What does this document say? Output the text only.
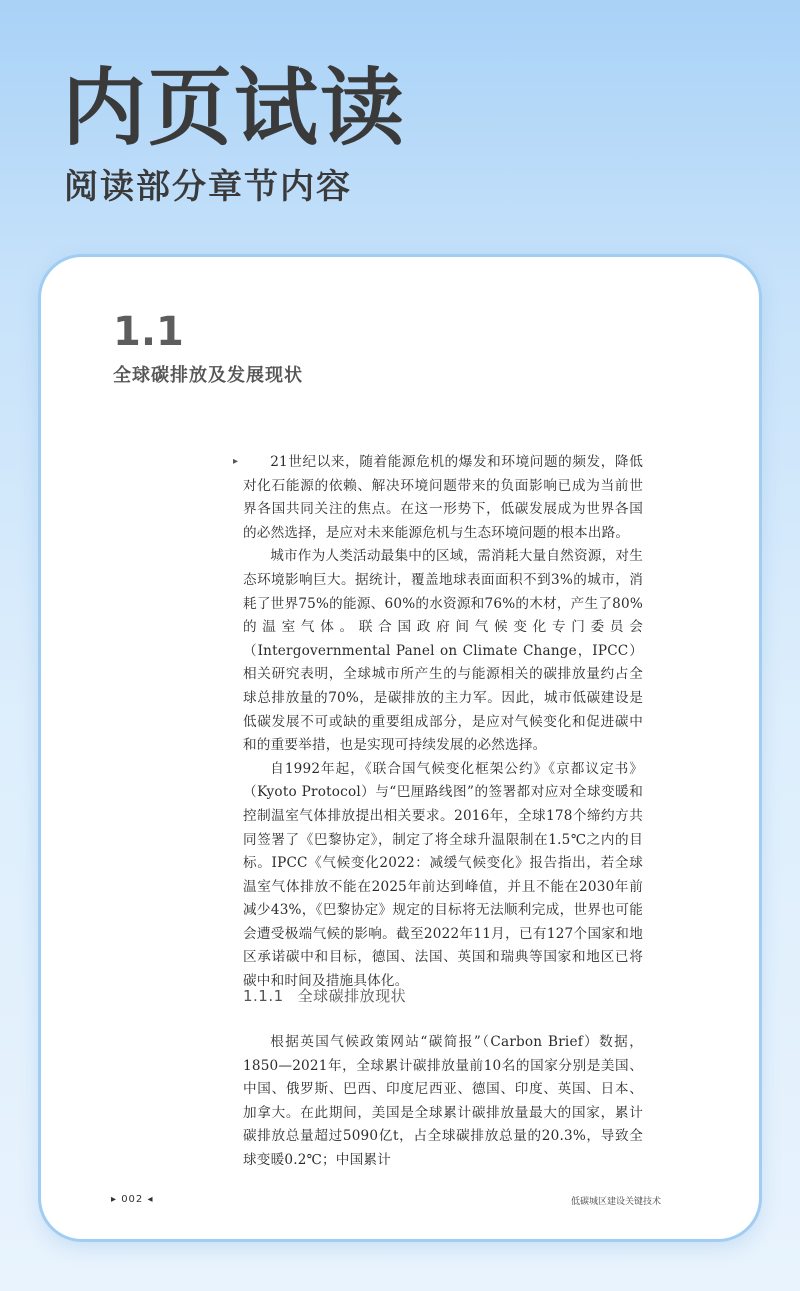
内页试读
阅读部分章节内容
1.1
全球碳排放及发展现状
▸	21世纪以来，随着能源危机的爆发和环境问题的频发，降低对化石能源的依赖、解决环境问题带来的负面影响已成为当前世界各国共同关注的焦点。在这一形势下，低碳发展成为世界各国的必然选择，是应对未来能源危机与生态环境问题的根本出路。

城市作为人类活动最集中的区域，需消耗大量自然资源，对生态环境影响巨大。据统计，覆盖地球表面面积不到3%的城市，消耗了世界75%的能源、60%的水资源和76%的木材，产生了80%的温室气体。联合国政府间气候变化专门委员会（Intergovernmental Panel on Climate Change，IPCC）相关研究表明，全球城市所产生的与能源相关的碳排放量约占全球总排放量的70%，是碳排放的主力军。因此，城市低碳建设是低碳发展不可或缺的重要组成部分，是应对气候变化和促进碳中和的重要举措，也是实现可持续发展的必然选择。

自1992年起，《联合国气候变化框架公约》《京都议定书》（Kyoto Protocol）与“巴厘路线图”的签署都对应对全球变暖和控制温室气体排放提出相关要求。2016年，全球178个缔约方共同签署了《巴黎协定》，制定了将全球升温限制在1.5℃之内的目标。IPCC《气候变化2022：减缓气候变化》报告指出，若全球温室气体排放不能在2025年前达到峰值，并且不能在2030年前减少43%，《巴黎协定》规定的目标将无法顺利完成，世界也可能会遭受极端气候的影响。截至2022年11月，已有127个国家和地区承诺碳中和目标，德国、法国、英国和瑞典等国家和地区已将碳中和时间及措施具体化。

1.1.1 全球碳排放现状

根据英国气候政策网站“碳简报”（Carbon Brief）数据，1850—2021年，全球累计碳排放量前10名的国家分别是美国、中国、俄罗斯、巴西、印度尼西亚、德国、印度、英国、日本、加拿大。在此期间，美国是全球累计碳排放量最大的国家，累计碳排放总量超过5090亿t，占全球碳排放总量的20.3%，导致全球变暖0.2℃；中国累计

▸ 002 ◂	低碳城区建设关键技术
